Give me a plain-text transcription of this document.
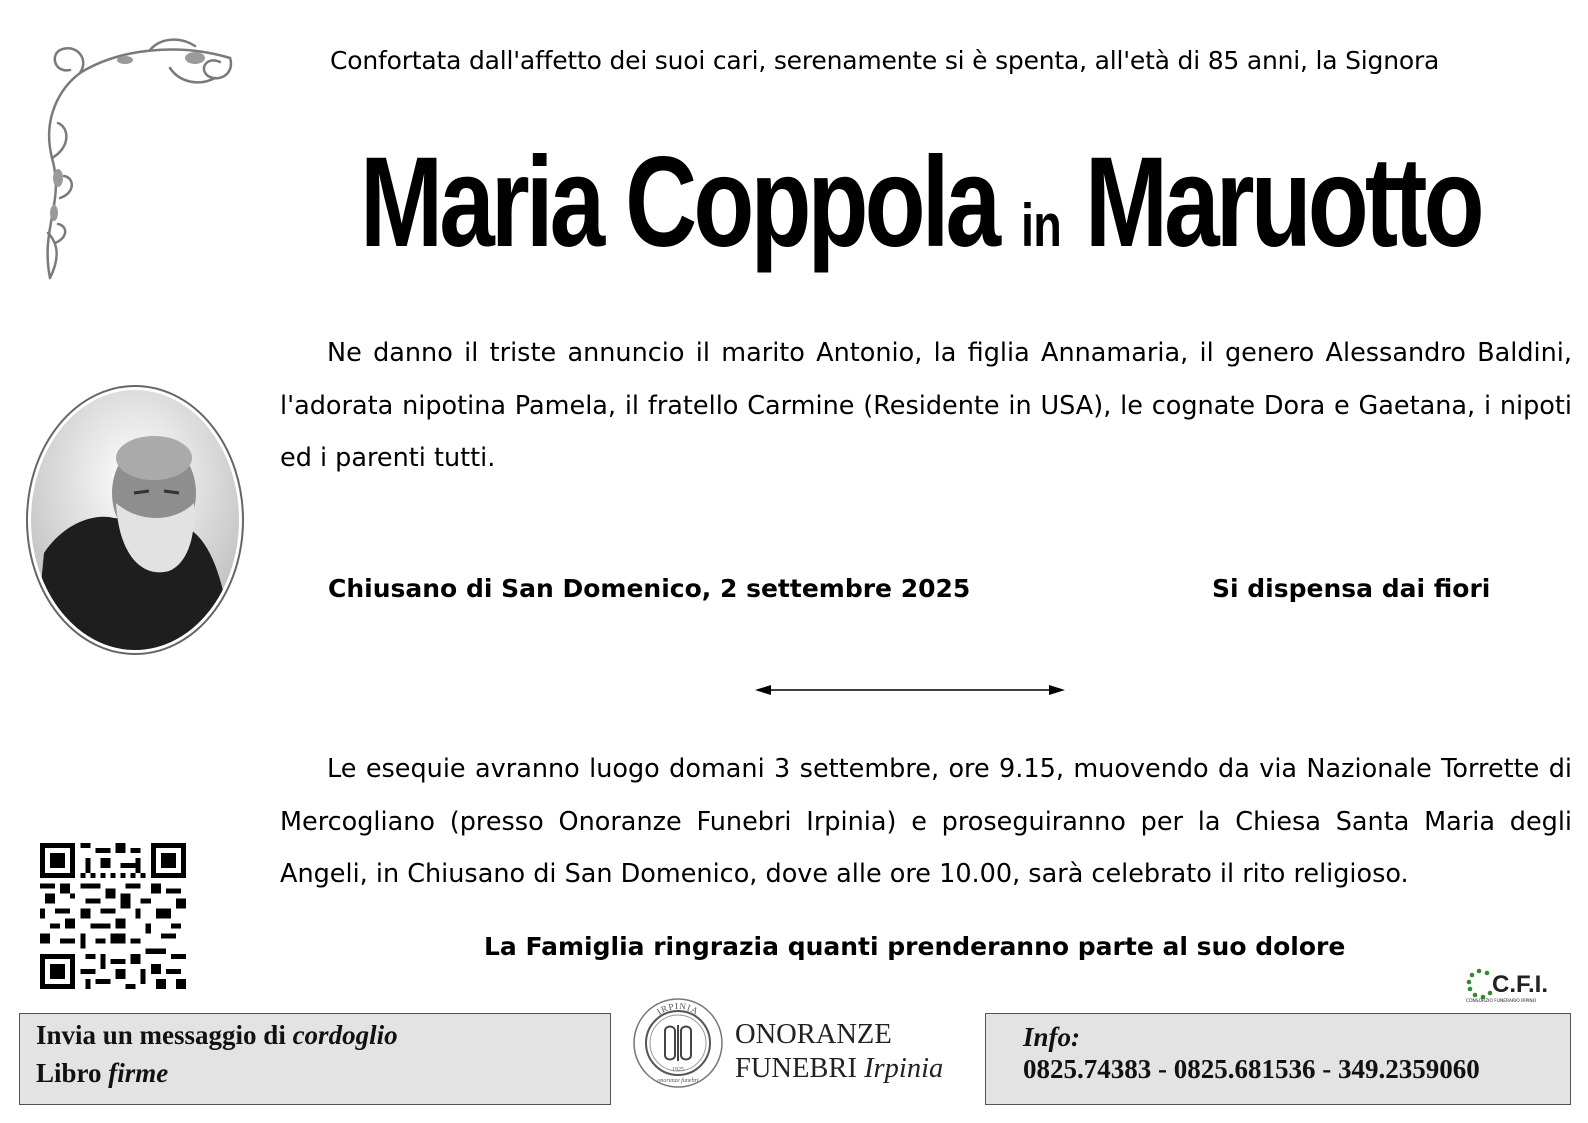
Confortata dall'affetto dei suoi cari, serenamente si è spenta, all'età di 85 anni, la Signora
Maria Coppola in Maruotto
Ne danno il triste annuncio il marito Antonio, la figlia Annamaria, il genero Alessandro Baldini, l'adorata nipotina Pamela, il fratello Carmine (Residente in USA), le cognate Dora e Gaetana, i nipoti ed i parenti tutti.
Chiusano di San Domenico, 2 settembre 2025	Si dispensa dai fiori
Le esequie avranno luogo domani 3 settembre, ore 9.15, muovendo da via Nazionale Torrette di Mercogliano (presso Onoranze Funebri Irpinia) e proseguiranno per la Chiesa Santa Maria degli Angeli, in Chiusano di San Domenico, dove alle ore 10.00, sarà celebrato il rito religioso.
La Famiglia ringrazia quanti prenderanno parte al suo dolore
C.F.I.
CONSORZIO FUNERARIO IRPINO
Invia un messaggio di cordoglio
Libro firme
IRPINIA
1925
onoranze funebri
ONORANZE
FUNEBRI Irpinia
Info:
0825.74383 - 0825.681536 - 349.2359060
